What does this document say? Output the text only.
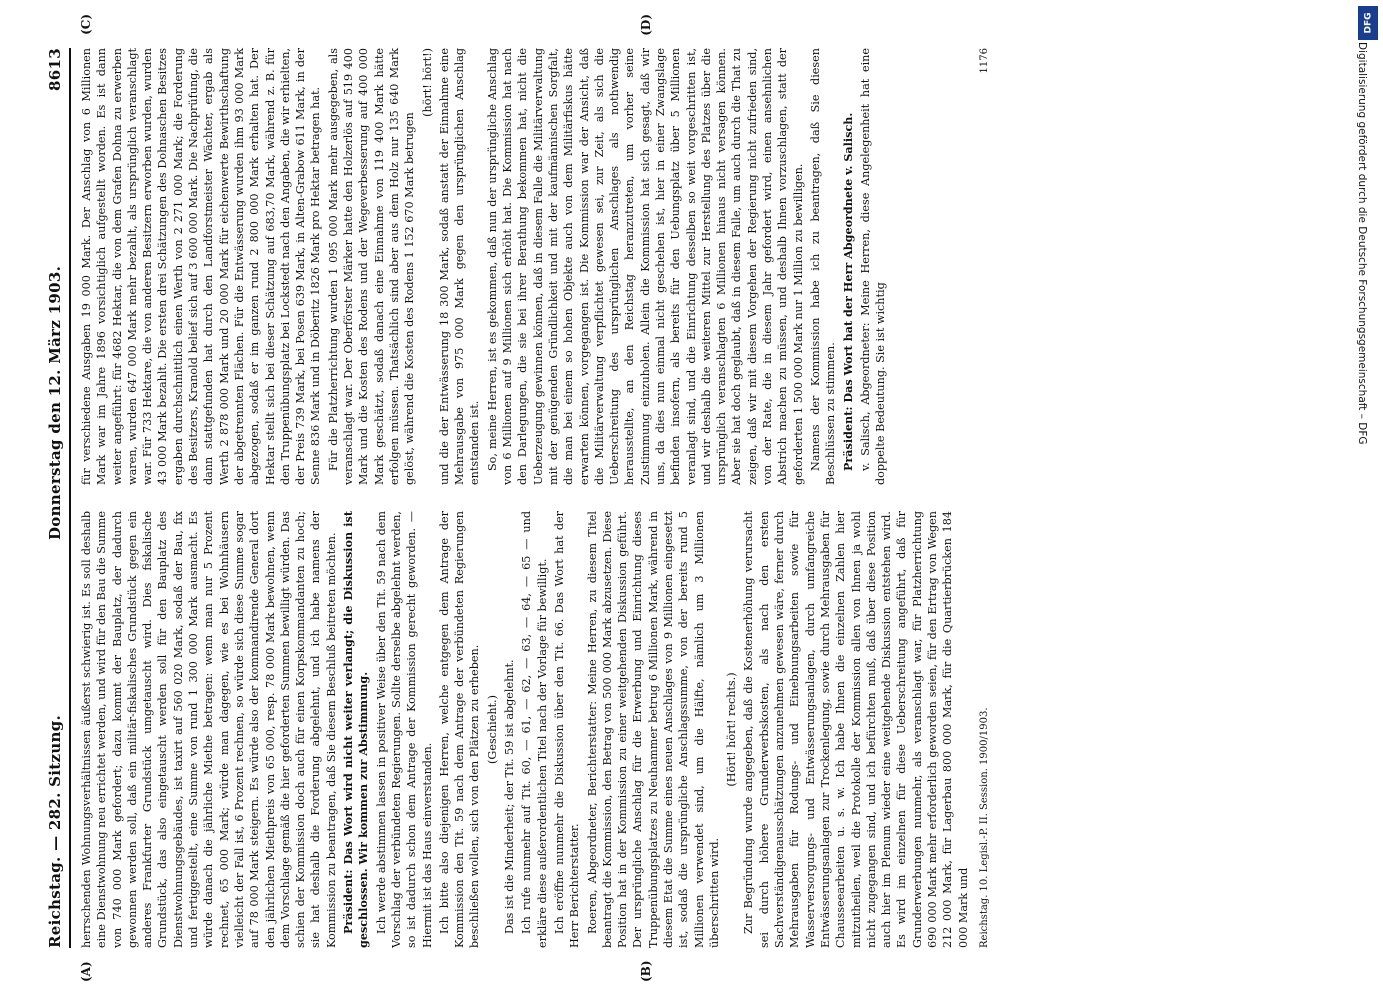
Reichstag. — 282. Sitzung.
Donnerstag den 12. März 1903.
8613
(A)	(B)

herrschenden Wohnungsverhältnissen äußerst schwierig ist. Es soll deshalb eine Dienstwohnung neu errichtet werden, und wird für den Bau die Summe von 740 000 Mark gefordert; dazu kommt der Bauplatz, der dadurch gewonnen werden soll, daß ein militär-fiskalisches Grundstück gegen ein anderes Frankfurter Grundstück umgetauscht wird. Dies fiskalische Grundstück, das also eingetauscht werden soll für den Bauplatz des Dienstwohnungsgebäudes, ist taxirt auf 560 020 Mark, sodaß der Bau, fix und fertiggestellt, eine Summe von rund 1 300 000 Mark ausmacht. Es würde danach die jährliche Miethe betragen: wenn man nur 5 Prozent rechnet, 65 000 Mark; würde man dagegen, wie es bei Wohnhäusern vielleicht der Fall ist, 6 Prozent rechnen, so würde sich diese Summe sogar auf 78 000 Mark steigern. Es würde also der kommandirende General dort den jährlichen Miethpreis von 65 000, resp. 78 000 Mark bewohnen, wenn dem Vorschlage gemäß die hier geforderten Summen bewilligt würden. Das schien der Kommission doch auch für einen Korpskommandanten zu hoch; sie hat deshalb die Forderung abgelehnt, und ich habe namens der Kommission zu beantragen, daß Sie diesem Beschluß beitreten möchten. Präsident: Das Wort wird nicht weiter verlangt; die Diskussion ist geschlossen. Wir kommen zur Abstimmung. Ich werde abstimmen lassen in positiver Weise über den Tit. 59 nach dem Vorschlag der verbündeten Regierungen. Sollte derselbe abgelehnt werden, so ist dadurch schon dem Antrage der Kommission gerecht geworden. — Hiermit ist das Haus einverstanden. Ich bitte also diejenigen Herren, welche entgegen dem Antrage der Kommission den Tit. 59 nach dem Antrage der verbündeten Regierungen beschließen wollen, sich von den Plätzen zu erheben. (Geschieht.) Das ist die Minderheit; der Tit. 59 ist abgelehnt. Ich rufe nunmehr auf Tit. 60, — 61, — 62, — 63, — 64, — 65 — und erkläre diese außerordentlichen Titel nach der Vorlage für bewilligt. Ich eröffne nunmehr die Diskussion über den Tit. 66. Das Wort hat der Herr Berichterstatter. Roeren, Abgeordneter, Berichterstatter: Meine Herren, zu diesem Titel beantragt die Kommission, den Betrag von 500 000 Mark abzusetzen. Diese Position hat in der Kommission zu einer weitgehenden Diskussion geführt. Der ursprüngliche Anschlag für die Erwerbung und Einrichtung dieses Truppenübungsplatzes zu Neuhammer betrug 6 Millionen Mark, während in diesem Etat die Summe eines neuen Anschlages von 9 Millionen eingesetzt ist, sodaß die ursprüngliche Anschlagssumme, von der bereits rund 5 Millionen verwendet sind, um die Hälfte, nämlich um 3 Millionen überschritten wird.

(Hört! hört! rechts.) Zur Begründung wurde angegeben, daß die Kostenerhöhung verursacht sei durch höhere Grunderwerbskosten, als nach den ersten Sachverständigenausschätzungen anzunehmen gewesen wäre, ferner durch Mehrausgaben für Rodungs- und Einebnungsarbeiten sowie für Wasserversorgungs- und Entwässerungsanlagen, durch umfangreiche Entwässerungsanlagen zur Trockenlegung, sowie durch Mehrausgaben für Chausseearbeiten u. s. w. Ich habe Ihnen die einzelnen Zahlen hier mitzutheilen, weil die Protokolle der Kommission allen von Ihnen ja wohl nicht zugegangen sind, und ich befürchten muß, daß über diese Position auch hier im Plenum wieder eine weitgehende Diskussion entstehen wird. Es wird im einzelnen für diese Ueberschreitung angeführt, daß für Grunderwerbungen nunmehr, als veranschlagt war, für Platzherrichtung 690 000 Mark mehr erforderlich geworden seien, für den Ertrag von Wegen 212 000 Mark, für Lagerbau 800 000 Mark, für die Quartierbrücken 184 000 Mark und

(C)	(D)

für verschiedene Ausgaben 19 000 Mark. Der Anschlag von 6 Millionen Mark war im Jahre 1896 vorsichtiglich aufgestellt worden. Es ist dann weiter angeführt: für 4682 Hektar, die von dem Grafen Dohna zu erwerben waren, wurden 647 000 Mark mehr bezahlt, als ursprünglich veranschlagt war. Für 733 Hektare, die von anderen Besitzern erworben wurden, wurden 43 000 Mark bezahlt. Die ersten drei Schätzungen des Dohnaschen Besitzes ergaben durchschnittlich einen Werth von 2 271 000 Mark; die Forderung des Besitzers, Kranold belief sich auf 3 600 000 Mark. Die Nachprüfung, die dann stattgefunden hat durch den Landforstmeister Wächter, ergab als Werth 2 878 000 Mark und 20 000 Mark für eichenwerte Bewirthschaftung der abgetrennten Flächen. Für die Entwässerung wurden ihm 93 000 Mark abgezogen, sodaß er im ganzen rund 2 800 000 Mark erhalten hat. Der Hektar stellt sich bei dieser Schätzung auf 683,70 Mark, während z. B. für den Truppenübungsplatz bei Lockstedt nach den Angaben, die wir erhielten, der Preis 739 Mark, bei Posen 639 Mark, in Alten-Grabow 611 Mark, in der Senne 836 Mark und in Döberitz 1826 Mark pro Hektar betragen hat. Für die Platzherrichtung wurden 1 095 000 Mark mehr ausgegeben, als veranschlagt war. Der Oberförster Märker hatte den Holzerlös auf 519 400 Mark und die Kosten des Rodens und der Wegeverbesserung auf 400 000 Mark geschätzt, sodaß danach eine Einnahme von 119 400 Mark hätte erfolgen müssen. Thatsächlich sind aber aus dem Holz nur 135 640 Mark gelöst, während die Kosten des Rodens 1 152 670 Mark betrugen

(hört! hört!) und die der Entwässerung 18 300 Mark, sodaß anstatt der Einnahme eine Mehrausgabe von 975 000 Mark gegen den ursprünglichen Anschlag entstanden ist. So, meine Herren, ist es gekommen, daß nun der ursprüngliche Anschlag von 6 Millionen auf 9 Millionen sich erhöht hat. Die Kommission hat nach den Darlegungen, die sie bei ihrer Berathung bekommen hat, nicht die Ueberzeugung gewinnen können, daß in diesem Falle die Militärverwaltung mit der genügenden Gründlichkeit und mit der kaufmännischen Sorgfalt, die man bei einem so hohen Objekte auch von dem Militärfiskus hätte erwarten können, vorgegangen ist. Die Kommission war der Ansicht, daß die Militärverwaltung verpflichtet gewesen sei, zur Zeit, als sich die Ueberschreitung des ursprünglichen Anschlages als nothwendig herausstellte, an den Reichstag heranzutreten, um vorher seine Zustimmung einzuholen. Allein die Kommission hat sich gesagt, daß wir uns, da dies nun einmal nicht geschehen ist, hier in einer Zwangslage befinden insofern, als bereits für den Uebungsplatz über 5 Millionen veranlagt sind, und die Einrichtung desselben so weit vorgeschritten ist, und wir deshalb die weiteren Mittel zur Herstellung des Platzes über die ursprünglich veranschlagten 6 Millionen hinaus nicht versagen können. Aber sie hat doch geglaubt, daß in diesem Falle, um auch durch die That zu zeigen, daß wir mit diesem Vorgehen der Regierung nicht zufrieden sind, von der Rate, die in diesem Jahr gefordert wird, einen ansehnlichen Abstrich machen zu müssen, und deshalb Ihnen vorzuschlagen, statt der geforderten 1 500 000 Mark nur 1 Million zu bewilligen. Namens der Kommission habe ich zu beantragen, daß Sie diesen Beschlüssen zu stimmen. Präsident: Das Wort hat der Herr Abgeordnete v. Salisch. v. Salisch, Abgeordneter: Meine Herren, diese Angelegenheit hat eine doppelte Bedeutung. Sie ist wichtig

Reichstag. 10. Legisl.-P. II. Session. 1900/1903.
1176
DFG
Digitalisierung gefördert durch die Deutsche Forschungsgemeinschaft – DFG
